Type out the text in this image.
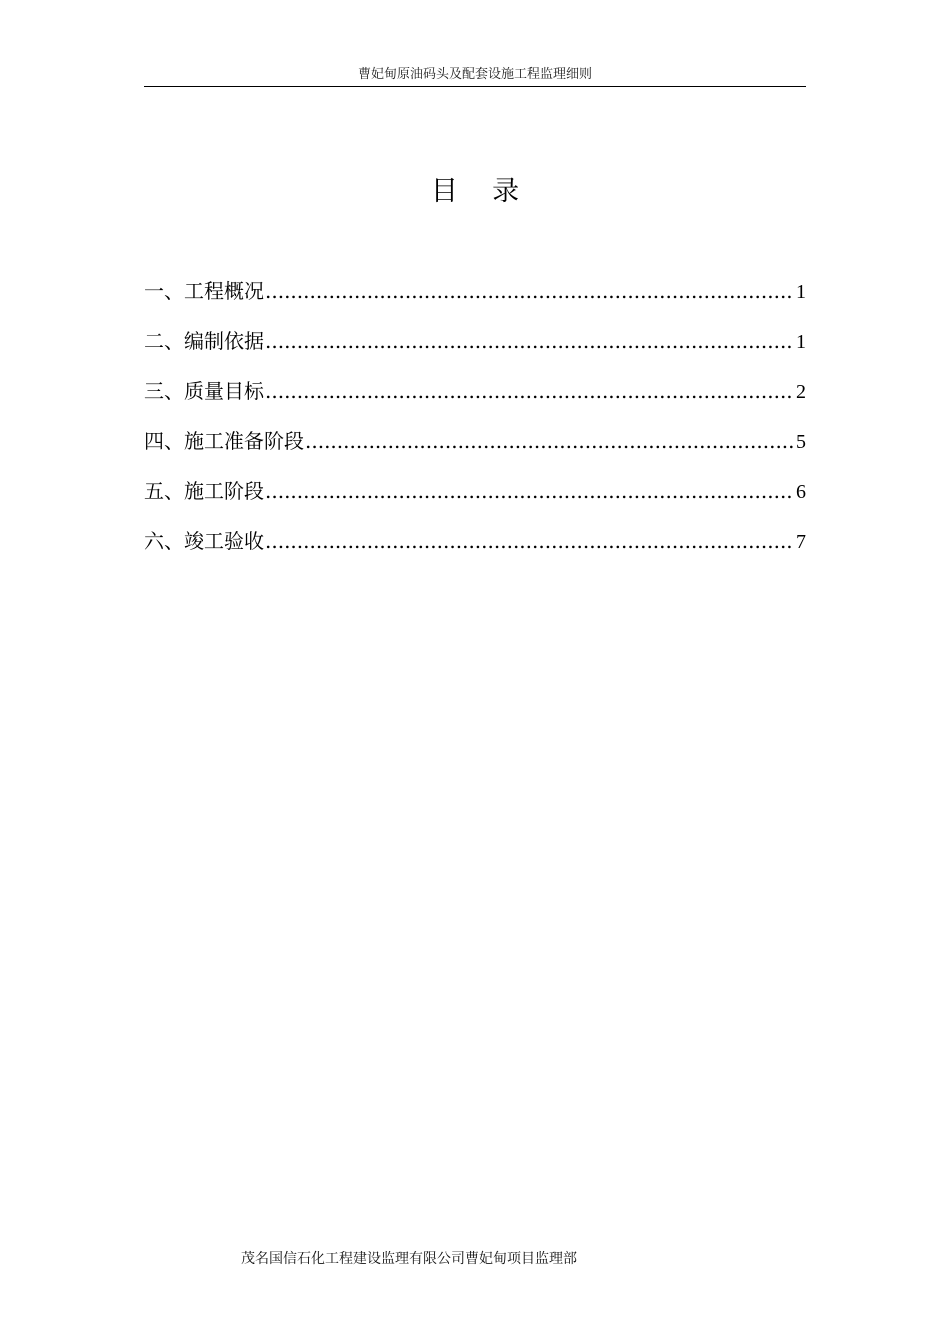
曹妃甸原油码头及配套设施工程监理细则
目    录
一、工程概况 .....	1
二、编制依据 .....	1
三、质量目标 .....	2
四、施工准备阶段 .....	5
五、施工阶段 .....	6
六、竣工验收 .....	7
茂名国信石化工程建设监理有限公司曹妃甸项目监理部
